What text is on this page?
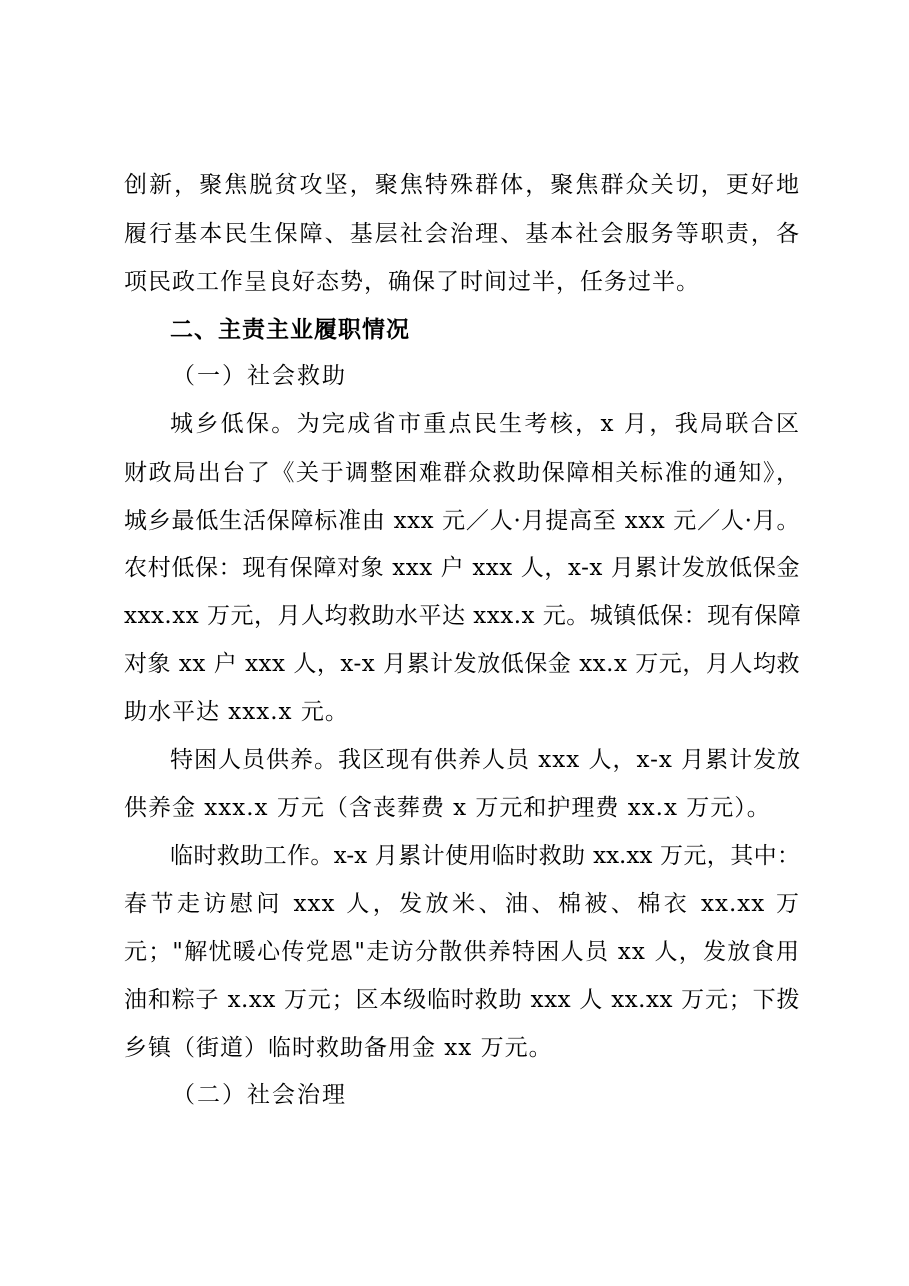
创新，聚焦脱贫攻坚，聚焦特殊群体，聚焦群众关切，更好地
履行基本民生保障、基层社会治理、基本社会服务等职责，各
项民政工作呈良好态势，确保了时间过半，任务过半。
二、主责主业履职情况
（一）社会救助
城乡低保。为完成省市重点民生考核，x 月，我局联合区
财政局出台了《关于调整困难群众救助保障相关标准的通知》，
城乡最低生活保障标准由 xxx 元／人·月提高至 xxx 元／人·月。
农村低保：现有保障对象 xxx 户 xxx 人，x-x 月累计发放低保金
xxx.xx 万元，月人均救助水平达 xxx.x 元。城镇低保：现有保障
对象 xx 户 xxx 人，x-x 月累计发放低保金 xx.x 万元，月人均救
助水平达 xxx.x 元。
特困人员供养。我区现有供养人员 xxx 人，x-x 月累计发放
供养金 xxx.x 万元（含丧葬费 x 万元和护理费 xx.x 万元）。
临时救助工作。x-x 月累计使用临时救助 xx.xx 万元，其中：
春节走访慰问 xxx 人，发放米、油、棉被、棉衣 xx.xx 万
元；"解忧暖心传党恩"走访分散供养特困人员 xx 人，发放食用
油和粽子 x.xx 万元；区本级临时救助 xxx 人 xx.xx 万元；下拨
乡镇（街道）临时救助备用金 xx 万元。
（二）社会治理
